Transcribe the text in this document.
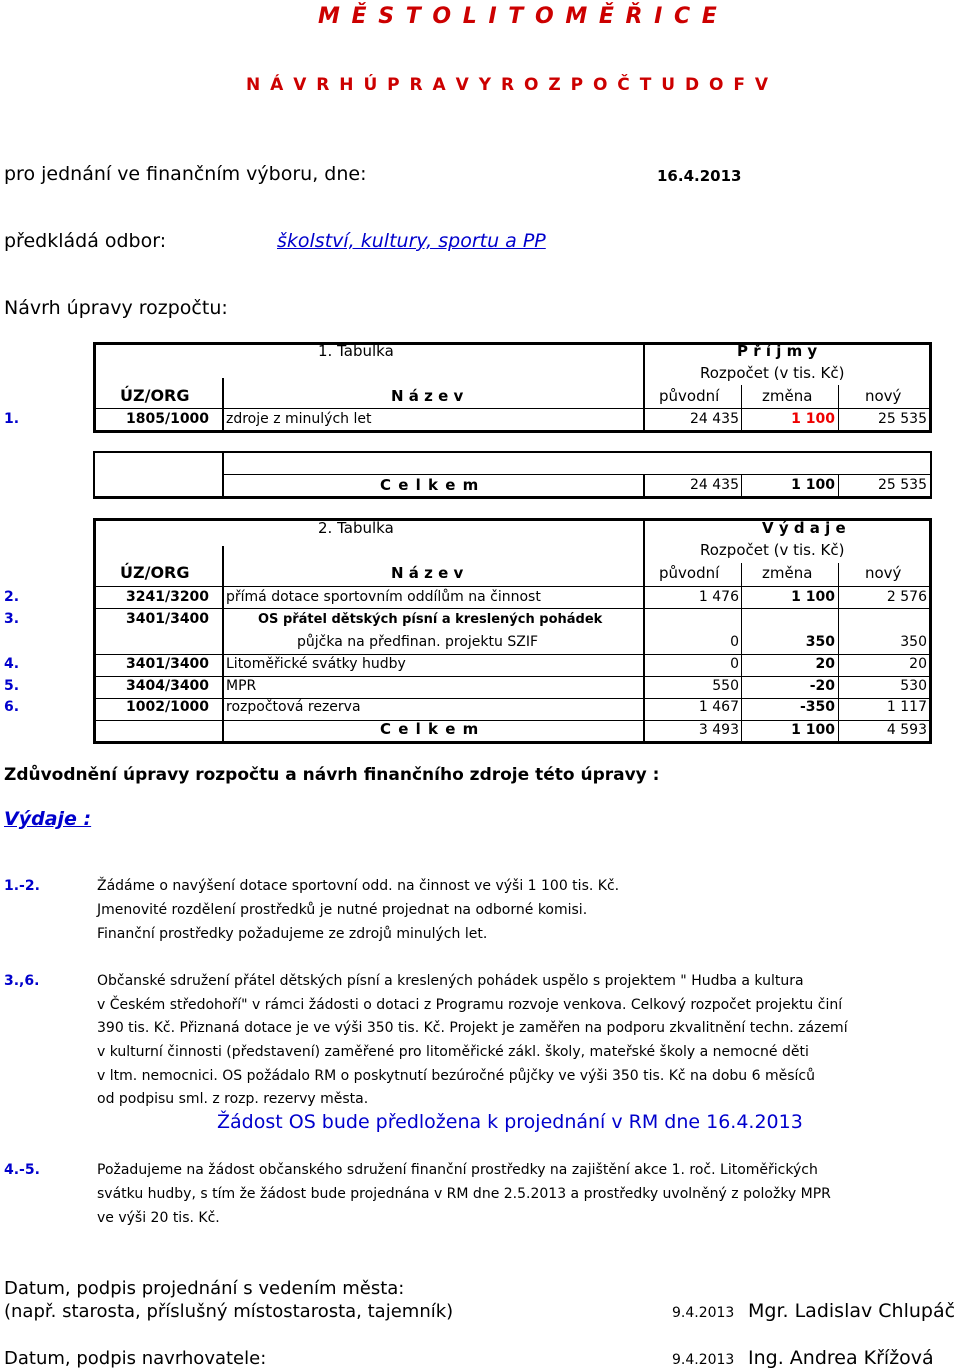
M Ě S T O L I T O M Ě Ř I C E
N Á V R H Ú P R A V Y R O Z P O Č T U D O F V
pro jednání ve finančním výboru, dne:	16.4.2013
předkládá odbor:	školství, kultury, sportu a PP
Návrh úpravy rozpočtu:
1. Tabulka	P ř í j m y
Rozpočet (v tis. Kč)
ÚZ/ORG	N á z e v	původní	změna	nový
1.	1805/1000 zdroje z minulých let	24 435	1 100	25 535
C e l k e m	24 435	1 100	25 535
2. Tabulka	V ý d a j e
Rozpočet (v tis. Kč)
ÚZ/ORG	N á z e v	původní	změna	nový
2.	3241/3200 přímá dotace sportovním oddílům na činnost	1 476	1 100	2 576
3.	3401/3400	OS přátel dětských písní a kreslených pohádek
půjčka na předfinan. projektu SZIF	0	350	350
4.	3401/3400 Litoměřické svátky hudby	0	20	20
5.	3404/3400 MPR	550	-20	530
6.	1002/1000 rozpočtová rezerva	1 467	-350	1 117
C e l k e m	3 493	1 100	4 593
Zdůvodnění úpravy rozpočtu a návrh finančního zdroje této úpravy :
Výdaje :
1.-2.	Žádáme o navýšení dotace sportovní odd. na činnost ve výši 1 100 tis. Kč.
Jmenovité rozdělení prostředků je nutné projednat na odborné komisi.
Finanční prostředky požadujeme ze zdrojů minulých let.
3.,6.	Občanské sdružení přátel dětských písní a kreslených pohádek uspělo s projektem " Hudba a kultura
v Českém středohoří" v rámci žádosti o dotaci z Programu rozvoje venkova. Celkový rozpočet projektu činí
390 tis. Kč. Přiznaná dotace je ve výši 350 tis. Kč. Projekt je zaměřen na podporu zkvalitnění techn. zázemí
v kulturní činnosti (představení) zaměřené pro litoměřické zákl. školy, mateřské školy a nemocné děti
v ltm. nemocnici. OS požádalo RM o poskytnutí bezúročné půjčky ve výši 350 tis. Kč na dobu 6 měsíců
od podpisu sml. z rozp. rezervy města.
Žádost OS bude předložena k projednání v RM dne 16.4.2013
4.-5.	Požadujeme na žádost občanského sdružení finanční prostředky na zajištění akce 1. roč. Litoměřických
svátku hudby, s tím že žádost bude projednána v RM dne 2.5.2013 a prostředky uvolněný z položky MPR
ve výši 20 tis. Kč.
Datum, podpis projednání s vedením města:
(např. starosta, příslušný místostarosta, tajemník)	9.4.2013 Mgr. Ladislav Chlupáč
Datum, podpis navrhovatele:	9.4.2013 Ing. Andrea Křížová
